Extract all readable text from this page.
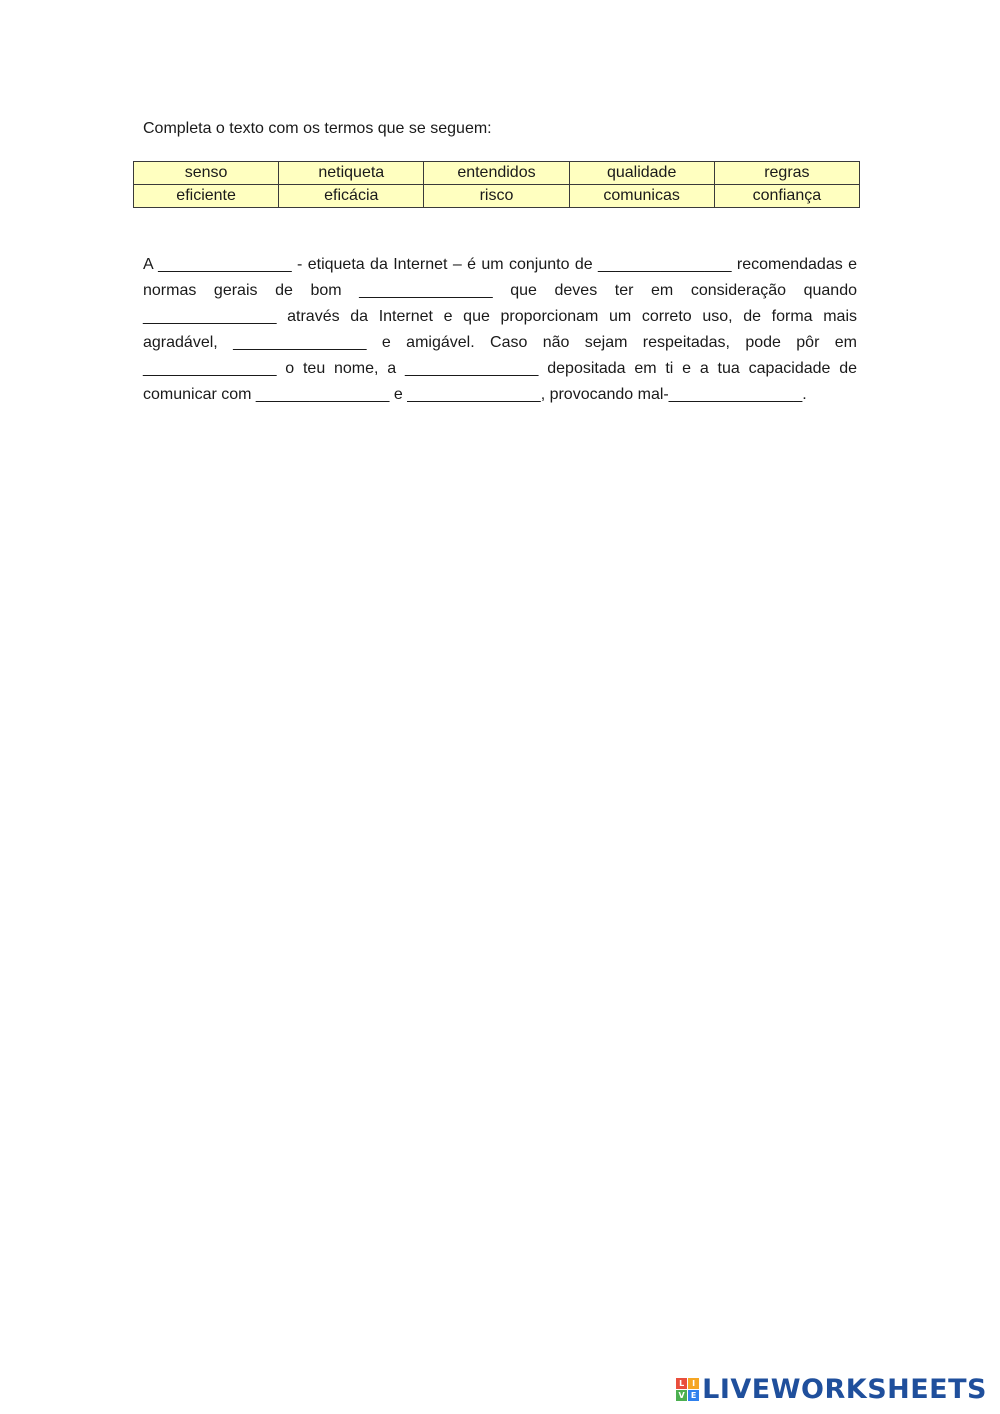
Completa o texto com os termos que se seguem:

senso	netiqueta	entendidos	qualidade	regras
eficiente	eficácia	risco	comunicas	confiança

A _______________ - etiqueta da Internet – é um conjunto de _______________ recomendadas e normas gerais de bom _______________ que deves ter em consideração quando _______________ através da Internet e que proporcionam um correto uso, de forma mais agradável, _______________ e amigável. Caso não sejam respeitadas, pode pôr em _______________ o teu nome, a _______________ depositada em ti e a tua capacidade de comunicar com _______________ e _______________, provocando mal-_______________.

L I
V E LIVEWORKSHEETS
